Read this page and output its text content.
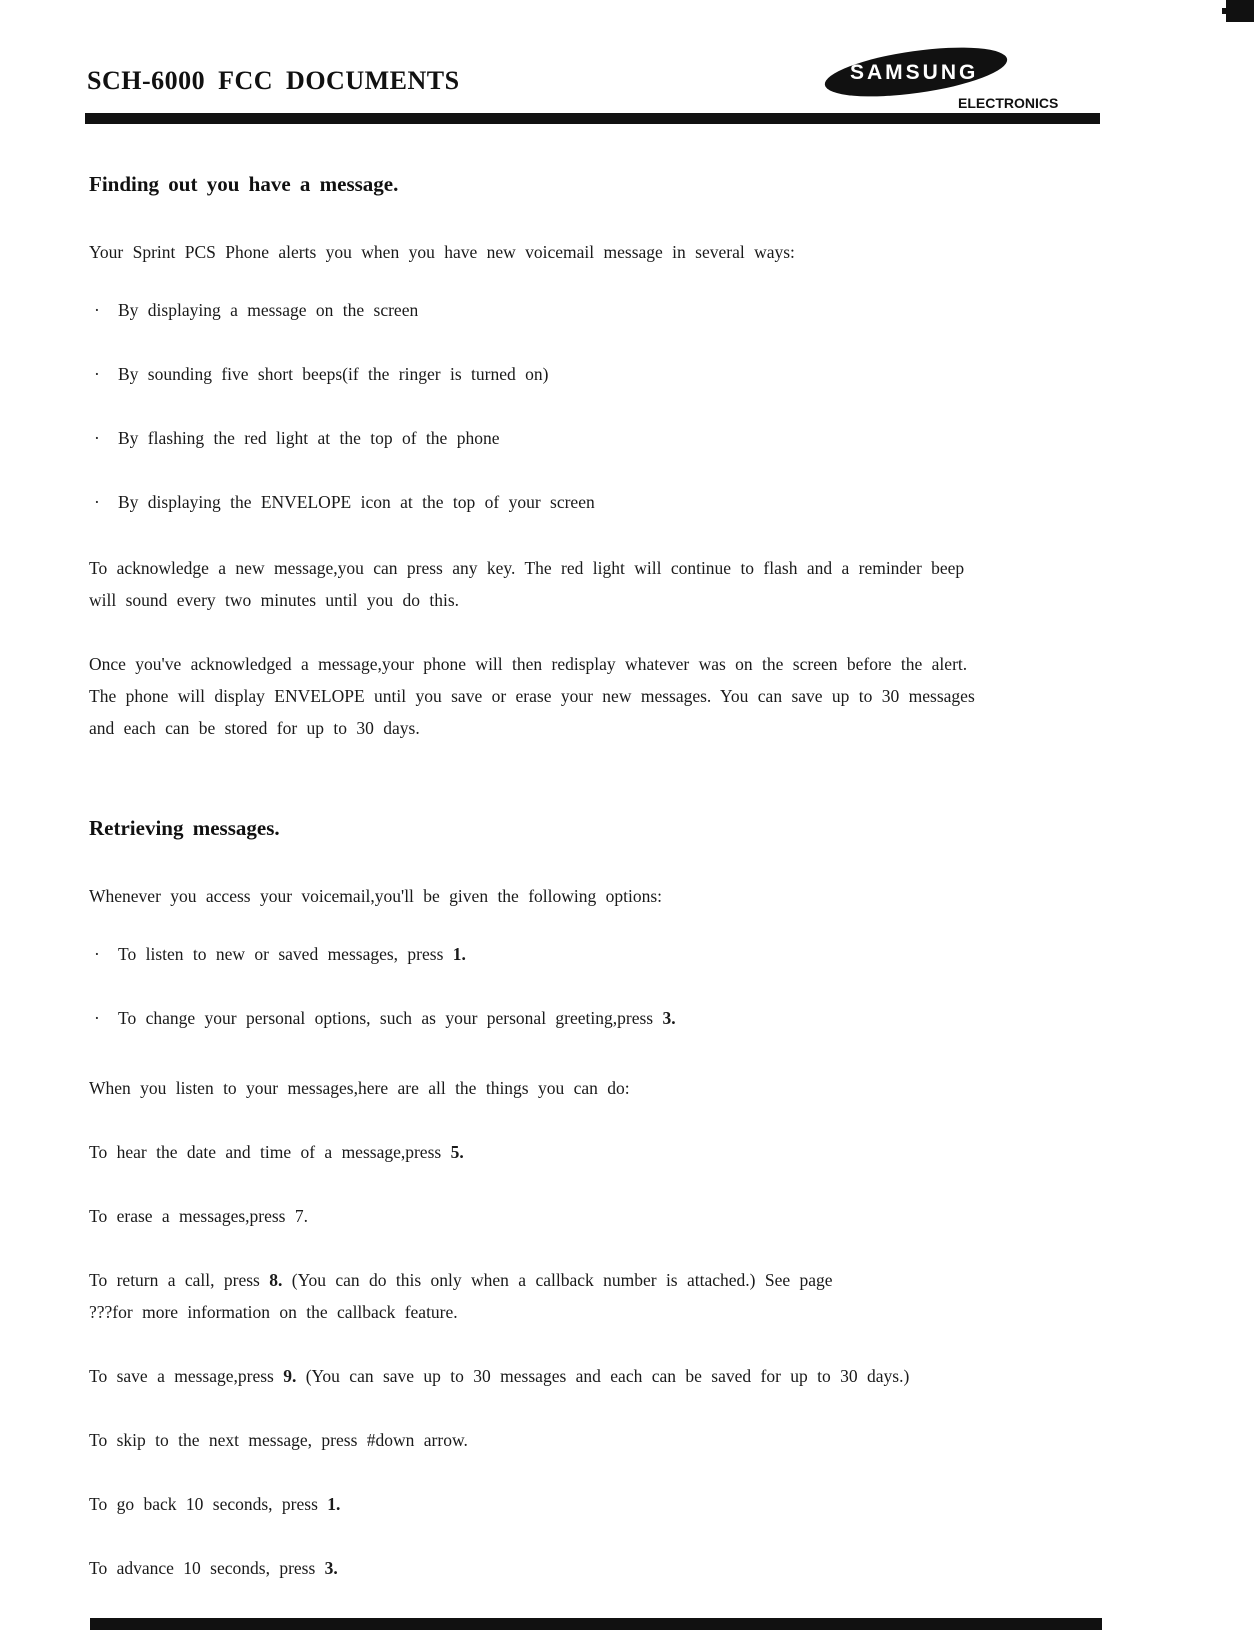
SCH-6000 FCC DOCUMENTS	SAMSUNG
ELECTRONICS
Finding out you have a message.
Your Sprint PCS Phone alerts you when you have new voicemail message in several ways:
· By displaying a message on the screen
· By sounding five short beeps(if the ringer is turned on)
· By flashing the red light at the top of the phone
· By displaying the ENVELOPE icon at the top of your screen
To acknowledge a new message,you can press any key. The red light will continue to flash and a reminder beep
will sound every two minutes until you do this.
Once you've acknowledged a message,your phone will then redisplay whatever was on the screen before the alert.
The phone will display ENVELOPE until you save or erase your new messages. You can save up to 30 messages
and each can be stored for up to 30 days.
Retrieving messages.
Whenever you access your voicemail,you'll be given the following options:
· To listen to new or saved messages, press 1.
· To change your personal options, such as your personal greeting,press 3.
When you listen to your messages,here are all the things you can do:
To hear the date and time of a message,press 5.
To erase a messages,press 7.
To return a call, press 8. (You can do this only when a callback number is attached.) See page
???for more information on the callback feature.
To save a message,press 9. (You can save up to 30 messages and each can be saved for up to 30 days.)
To skip to the next message, press #down arrow.
To go back 10 seconds, press 1.
To advance 10 seconds, press 3.
